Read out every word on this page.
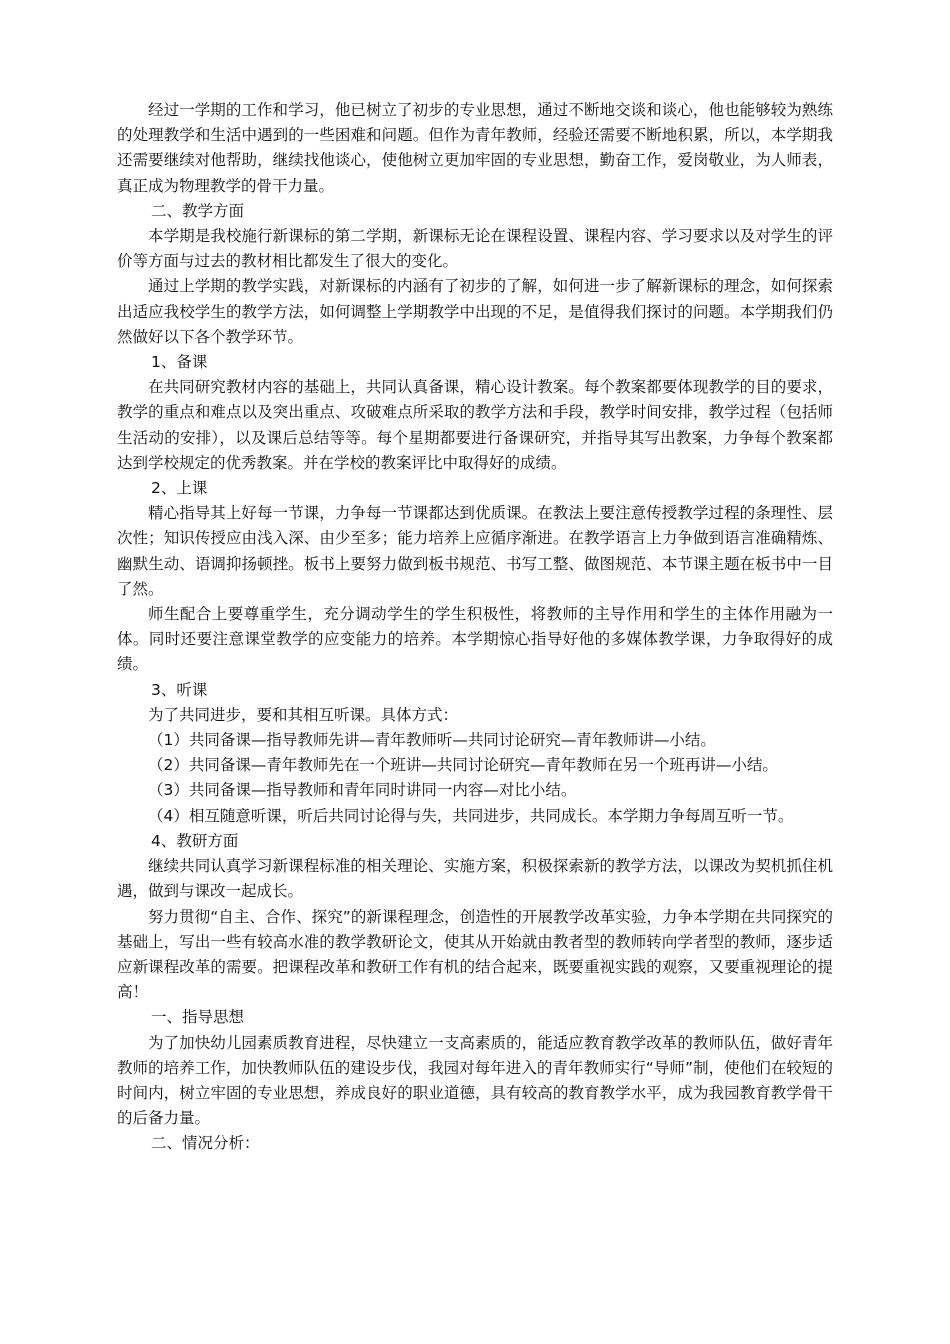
经过一学期的工作和学习，他已树立了初步的专业思想，通过不断地交谈和谈心，他也能够较为熟练的处理教学和生活中遇到的一些困难和问题。但作为青年教师，经验还需要不断地积累，所以，本学期我还需要继续对他帮助，继续找他谈心，使他树立更加牢固的专业思想，勤奋工作，爱岗敬业，为人师表，真正成为物理教学的骨干力量。

二、教学方面

本学期是我校施行新课标的第二学期，新课标无论在课程设置、课程内容、学习要求以及对学生的评价等方面与过去的教材相比都发生了很大的变化。

通过上学期的教学实践，对新课标的内涵有了初步的了解，如何进一步了解新课标的理念，如何探索出适应我校学生的教学方法，如何调整上学期教学中出现的不足，是值得我们探讨的问题。本学期我们仍然做好以下各个教学环节。

1、备课

在共同研究教材内容的基础上，共同认真备课，精心设计教案。每个教案都要体现教学的目的要求，教学的重点和难点以及突出重点、攻破难点所采取的教学方法和手段，教学时间安排，教学过程（包括师生活动的安排），以及课后总结等等。每个星期都要进行备课研究，并指导其写出教案，力争每个教案都达到学校规定的优秀教案。并在学校的教案评比中取得好的成绩。

2、上课

精心指导其上好每一节课，力争每一节课都达到优质课。在教法上要注意传授教学过程的条理性、层次性；知识传授应由浅入深、由少至多；能力培养上应循序渐进。在教学语言上力争做到语言准确精炼、幽默生动、语调抑扬顿挫。板书上要努力做到板书规范、书写工整、做图规范、本节课主题在板书中一目了然。

师生配合上要尊重学生，充分调动学生的学生积极性，将教师的主导作用和学生的主体作用融为一体。同时还要注意课堂教学的应变能力的培养。本学期惊心指导好他的多媒体教学课，力争取得好的成绩。

3、听课

为了共同进步，要和其相互听课。具体方式：

（1）共同备课—指导教师先讲—青年教师听—共同讨论研究—青年教师讲—小结。

（2）共同备课—青年教师先在一个班讲—共同讨论研究—青年教师在另一个班再讲—小结。

（3）共同备课—指导教师和青年同时讲同一内容—对比小结。

（4）相互随意听课，听后共同讨论得与失，共同进步，共同成长。本学期力争每周互听一节。

4、教研方面

继续共同认真学习新课程标准的相关理论、实施方案，积极探索新的教学方法，以课改为契机抓住机遇，做到与课改一起成长。

努力贯彻“自主、合作、探究”的新课程理念，创造性的开展教学改革实验，力争本学期在共同探究的基础上，写出一些有较高水准的教学教研论文，使其从开始就由教者型的教师转向学者型的教师，逐步适应新课程改革的需要。把课程改革和教研工作有机的结合起来，既要重视实践的观察，又要重视理论的提高！

一、指导思想

为了加快幼儿园素质教育进程，尽快建立一支高素质的，能适应教育教学改革的教师队伍，做好青年教师的培养工作，加快教师队伍的建设步伐，我园对每年进入的青年教师实行“导师”制，使他们在较短的时间内，树立牢固的专业思想，养成良好的职业道德，具有较高的教育教学水平，成为我园教育教学骨干的后备力量。

二、情况分析：
